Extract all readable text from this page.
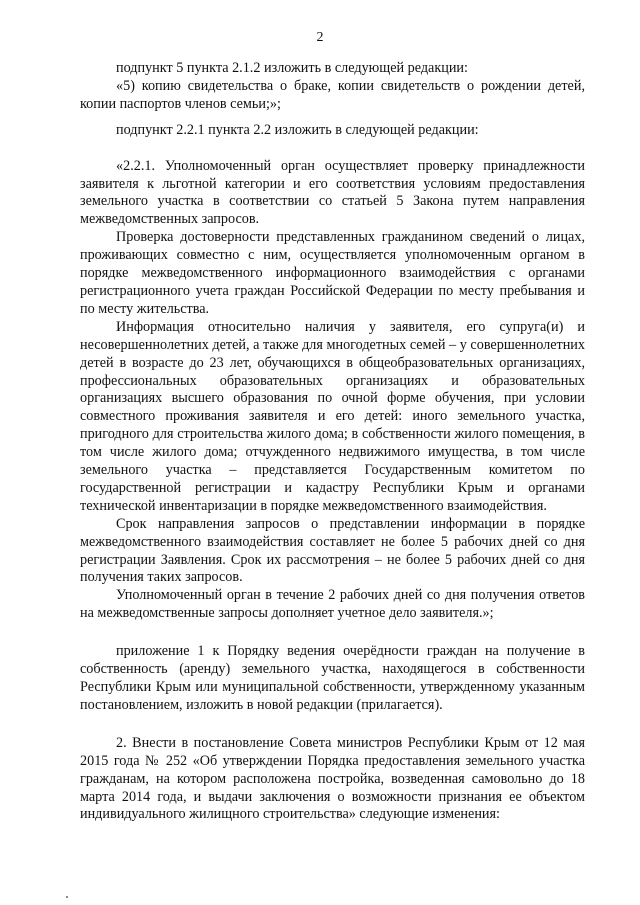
2

подпункт 5 пункта 2.1.2 изложить в следующей редакции:

«5) копию свидетельства о браке, копии свидетельств о рождении детей, копии паспортов членов семьи;»;

подпункт 2.2.1 пункта 2.2 изложить в следующей редакции:

«2.2.1. Уполномоченный орган осуществляет проверку принадлежности заявителя к льготной категории и его соответствия условиям предоставления земельного участка в соответствии со статьей 5 Закона путем направления межведомственных запросов.

Проверка достоверности представленных гражданином сведений о лицах, проживающих совместно с ним, осуществляется уполномоченным органом в порядке межведомственного информационного взаимодействия с органами регистрационного учета граждан Российской Федерации по месту пребывания и по месту жительства.

Информация относительно наличия у заявителя, его супруга(и) и несовершеннолетних детей, а также для многодетных семей – у совершеннолетних детей в возрасте до 23 лет, обучающихся в общеобразовательных организациях, профессиональных образовательных организациях и образовательных организациях высшего образования по очной форме обучения, при условии совместного проживания заявителя и его детей: иного земельного участка, пригодного для строительства жилого дома; в собственности жилого помещения, в том числе жилого дома; отчужденного недвижимого имущества, в том числе земельного участка – представляется Государственным комитетом по государственной регистрации и кадастру Республики Крым и органами технической инвентаризации в порядке межведомственного взаимодействия.

Срок направления запросов о представлении информации в порядке межведомственного взаимодействия составляет не более 5 рабочих дней со дня регистрации Заявления. Срок их рассмотрения – не более 5 рабочих дней со дня получения таких запросов.

Уполномоченный орган в течение 2 рабочих дней со дня получения ответов на межведомственные запросы дополняет учетное дело заявителя.»;

приложение 1 к Порядку ведения очерёдности граждан на получение в собственность (аренду) земельного участка, находящегося в собственности Республики Крым или муниципальной собственности, утвержденному указанным постановлением, изложить в новой редакции (прилагается).

2. Внести в постановление Совета министров Республики Крым от 12 мая 2015 года № 252 «Об утверждении Порядка предоставления земельного участка гражданам, на котором расположена постройка, возведенная самовольно до 18 марта 2014 года, и выдачи заключения о возможности признания ее объектом индивидуального жилищного строительства» следующие изменения:
